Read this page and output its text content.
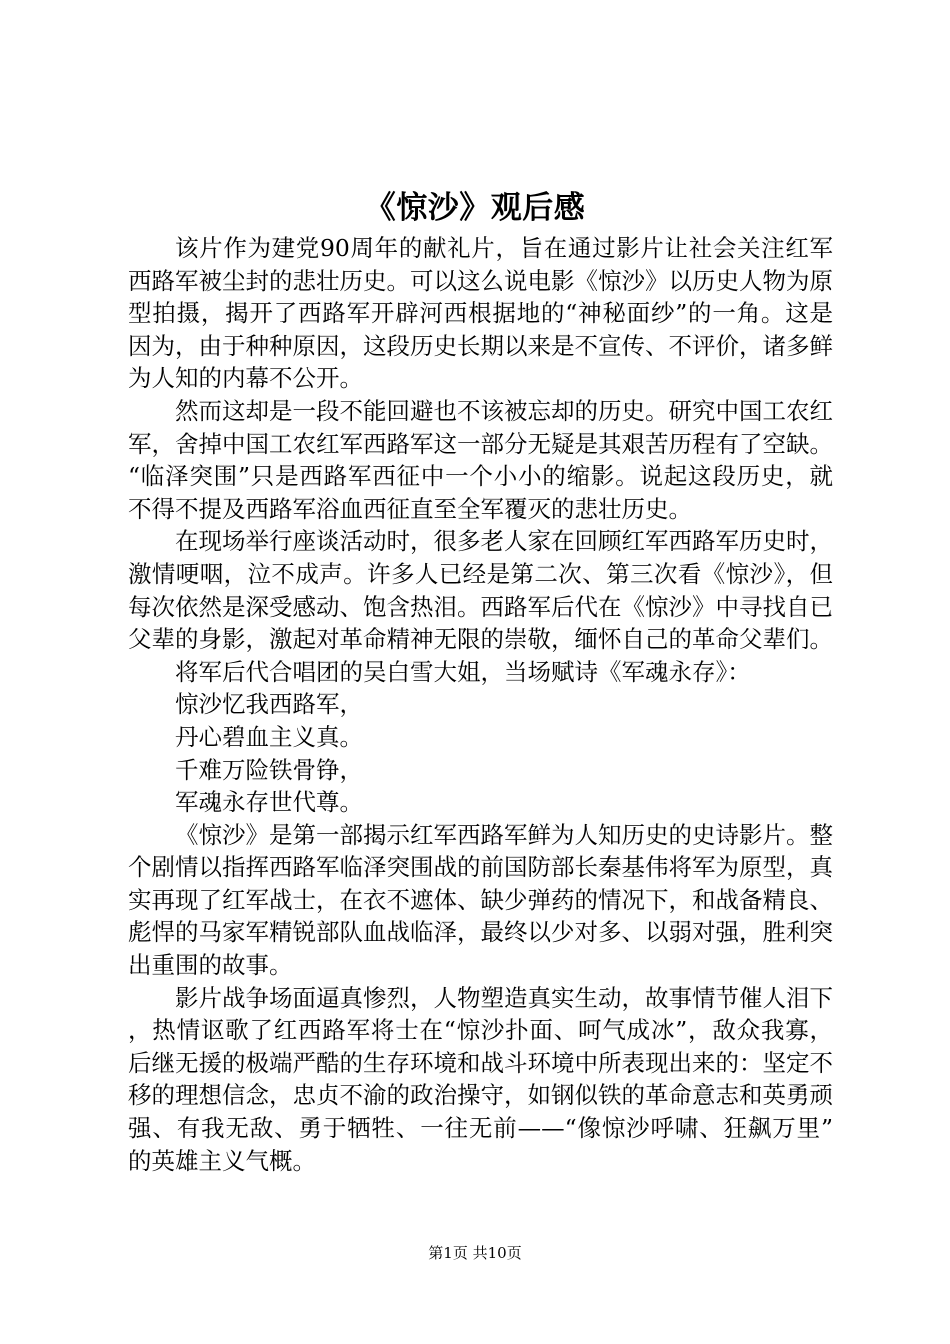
《惊沙》观后感

该片作为建党90周年的献礼片，旨在通过影片让社会关注红军西路军被尘封的悲壮历史。可以这么说电影《惊沙》以历史人物为原型拍摄，揭开了西路军开辟河西根据地的“神秘面纱”的一角。这是因为，由于种种原因，这段历史长期以来是不宣传、不评价，诸多鲜为人知的内幕不公开。

然而这却是一段不能回避也不该被忘却的历史。研究中国工农红军，舍掉中国工农红军西路军这一部分无疑是其艰苦历程有了空缺。“临泽突围”只是西路军西征中一个小小的缩影。说起这段历史，就不得不提及西路军浴血西征直至全军覆灭的悲壮历史。

在现场举行座谈活动时，很多老人家在回顾红军西路军历史时，激情哽咽，泣不成声。许多人已经是第二次、第三次看《惊沙》，但每次依然是深受感动、饱含热泪。西路军后代在《惊沙》中寻找自已父辈的身影，激起对革命精神无限的崇敬，缅怀自己的革命父辈们。

将军后代合唱团的吴白雪大姐，当场赋诗《军魂永存》：

惊沙忆我西路军，

丹心碧血主义真。

千难万险铁骨铮，

军魂永存世代尊。

《惊沙》是第一部揭示红军西路军鲜为人知历史的史诗影片。整个剧情以指挥西路军临泽突围战的前国防部长秦基伟将军为原型，真实再现了红军战士，在衣不遮体、缺少弹药的情况下，和战备精良、彪悍的马家军精锐部队血战临泽，最终以少对多、以弱对强，胜利突出重围的故事。

影片战争场面逼真惨烈，人物塑造真实生动，故事情节催人泪下，热情讴歌了红西路军将士在“惊沙扑面、呵气成冰”，敌众我寡，后继无援的极端严酷的生存环境和战斗环境中所表现出来的：坚定不移的理想信念，忠贞不渝的政治操守，如钢似铁的革命意志和英勇顽强、有我无敌、勇于牺牲、一往无前——“像惊沙呼啸、狂飙万里”的英雄主义气概。

第1页 共10页
